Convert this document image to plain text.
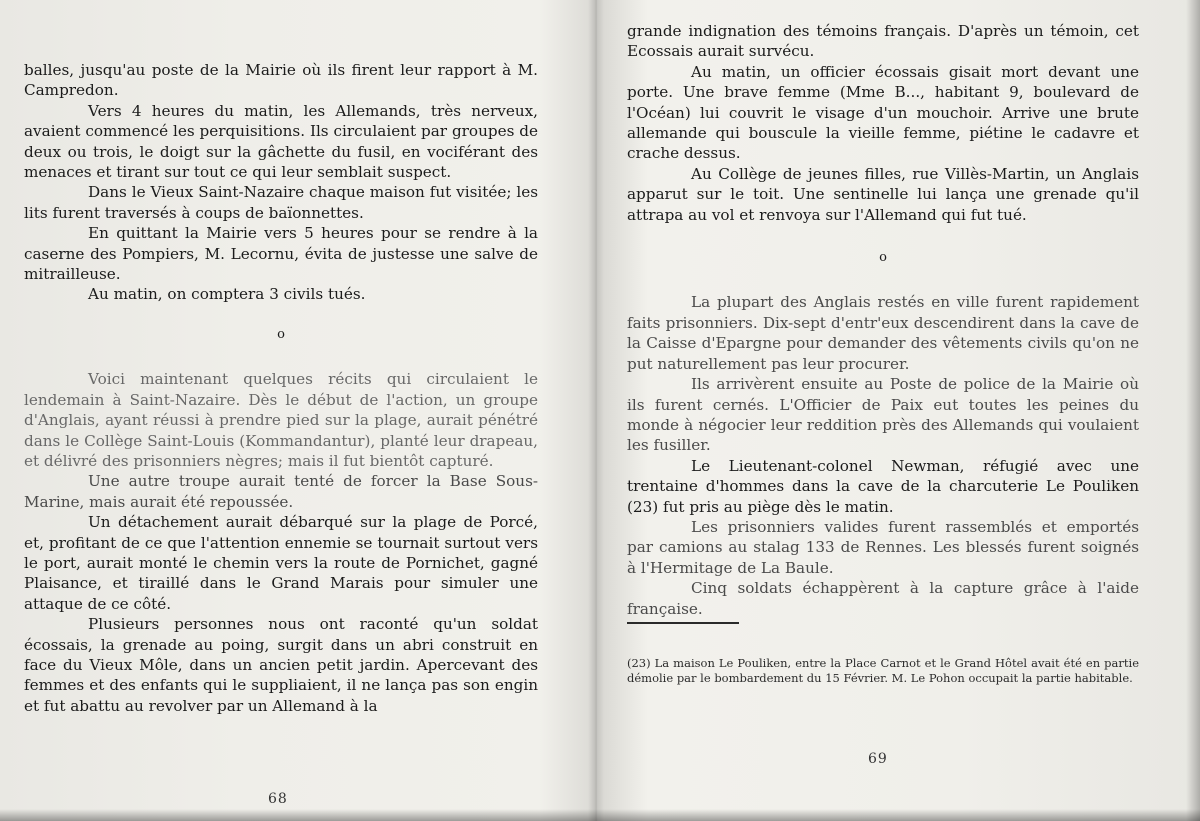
balles, jusqu'au poste de la Mairie où ils firent leur rapport à M. Campredon.

Vers 4 heures du matin, les Allemands, très nerveux, avaient commencé les perquisitions. Ils circulaient par groupes de deux ou trois, le doigt sur la gâchette du fusil, en vociférant des menaces et tirant sur tout ce qui leur semblait suspect.

Dans le Vieux Saint-Nazaire chaque maison fut visitée; les lits furent traversés à coups de baïonnettes.

En quittant la Mairie vers 5 heures pour se rendre à la caserne des Pompiers, M. Lecornu, évita de justesse une salve de mitrailleuse.

Au matin, on comptera 3 civils tués.

o

Voici maintenant quelques récits qui circulaient le lendemain à Saint-Nazaire. Dès le début de l'action, un groupe d'Anglais, ayant réussi à prendre pied sur la plage, aurait pénétré dans le Collège Saint-Louis (Kommandantur), planté leur drapeau, et délivré des prisonniers nègres; mais il fut bientôt capturé.

Une autre troupe aurait tenté de forcer la Base Sous-Marine, mais aurait été repoussée.

Un détachement aurait débarqué sur la plage de Porcé, et, profitant de ce que l'attention ennemie se tournait surtout vers le port, aurait monté le chemin vers la route de Pornichet, gagné Plaisance, et tiraillé dans le Grand Marais pour simuler une attaque de ce côté.

Plusieurs personnes nous ont raconté qu'un soldat écossais, la grenade au poing, surgit dans un abri construit en face du Vieux Môle, dans un ancien petit jardin. Apercevant des femmes et des enfants qui le suppliaient, il ne lança pas son engin et fut abattu au revolver par un Allemand à la

68

grande indignation des témoins français. D'après un témoin, cet Ecossais aurait survécu.

Au matin, un officier écossais gisait mort devant une porte. Une brave femme (Mme B..., habitant 9, boulevard de l'Océan) lui couvrit le visage d'un mouchoir. Arrive une brute allemande qui bouscule la vieille femme, piétine le cadavre et crache dessus.

Au Collège de jeunes filles, rue Villès-Martin, un Anglais apparut sur le toit. Une sentinelle lui lança une grenade qu'il attrapa au vol et renvoya sur l'Allemand qui fut tué.

o

La plupart des Anglais restés en ville furent rapidement faits prisonniers. Dix-sept d'entr'eux descendirent dans la cave de la Caisse d'Epargne pour demander des vêtements civils qu'on ne put naturellement pas leur procurer.

Ils arrivèrent ensuite au Poste de police de la Mairie où ils furent cernés. L'Officier de Paix eut toutes les peines du monde à négocier leur reddition près des Allemands qui voulaient les fusiller.

Le Lieutenant-colonel Newman, réfugié avec une trentaine d'hommes dans la cave de la charcuterie Le Pouliken (23) fut pris au piège dès le matin.

Les prisonniers valides furent rassemblés et emportés par camions au stalag 133 de Rennes. Les blessés furent soignés à l'Hermitage de La Baule.

Cinq soldats échappèrent à la capture grâce à l'aide française.

(23) La maison Le Pouliken, entre la Place Carnot et le Grand Hôtel avait été en partie démolie par le bombardement du 15 Février. M. Le Pohon occupait la partie habitable.

69
